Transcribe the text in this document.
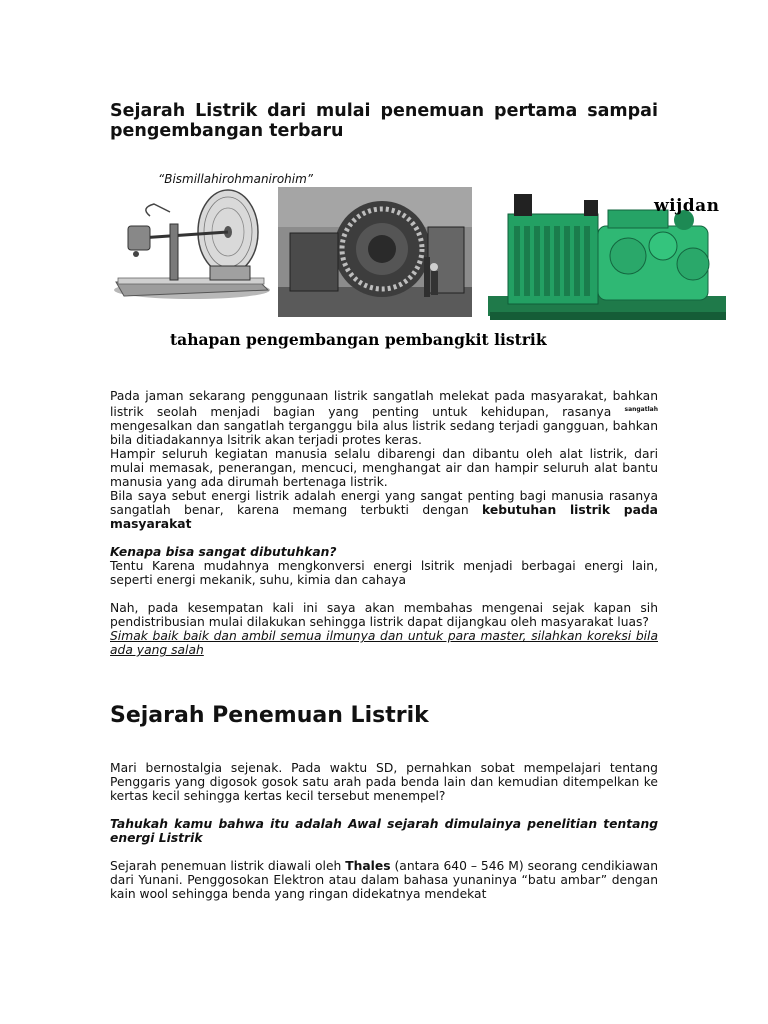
Sejarah Listrik dari mulai penemuan pertama sampai pengembangan terbaru
“Bismillahirohmanirohim”
wijdan
tahapan pengembangan pembangkit listrik

Pada jaman sekarang penggunaan listrik sangatlah melekat pada masyarakat, bahkan listrik seolah menjadi bagian yang penting untuk kehidupan, rasanya $^{sangatlah}$ mengesalkan dan sangatlah terganggu bila alus listrik sedang terjadi gangguan, bahkan bila ditiadakannya lsitrik akan terjadi protes keras.

Hampir seluruh kegiatan manusia selalu dibarengi dan dibantu oleh alat listrik, dari mulai memasak, penerangan, mencuci, menghangat air dan hampir seluruh alat bantu manusia yang ada dirumah bertenaga listrik.

Bila saya sebut energi listrik adalah energi yang sangat penting bagi manusia rasanya sangatlah benar, karena memang terbukti dengan kebutuhan listrik pada masyarakat

Kenapa bisa sangat dibutuhkan?

Tentu Karena mudahnya mengkonversi energi lsitrik menjadi berbagai energi lain, seperti energi mekanik, suhu, kimia dan cahaya

Nah, pada kesempatan kali ini saya akan membahas mengenai sejak kapan sih pendistribusian mulai dilakukan sehingga listrik dapat dijangkau oleh masyarakat luas?

Simak baik baik dan ambil semua ilmunya dan untuk para master, silahkan koreksi bila ada yang salah

Sejarah Penemuan Listrik

Mari bernostalgia sejenak. Pada waktu SD, pernahkan sobat mempelajari tentang Penggaris yang digosok gosok satu arah pada benda lain dan kemudian ditempelkan ke kertas kecil sehingga kertas kecil tersebut menempel?

Tahukah kamu bahwa itu adalah Awal sejarah dimulainya penelitian tentang energi Listrik

Sejarah penemuan listrik diawali oleh Thales (antara 640 – 546 M) seorang cendikiawan dari Yunani. Penggosokan Elektron atau dalam bahasa yunaninya “batu ambar” dengan kain wool sehingga benda yang ringan didekatnya mendekat
